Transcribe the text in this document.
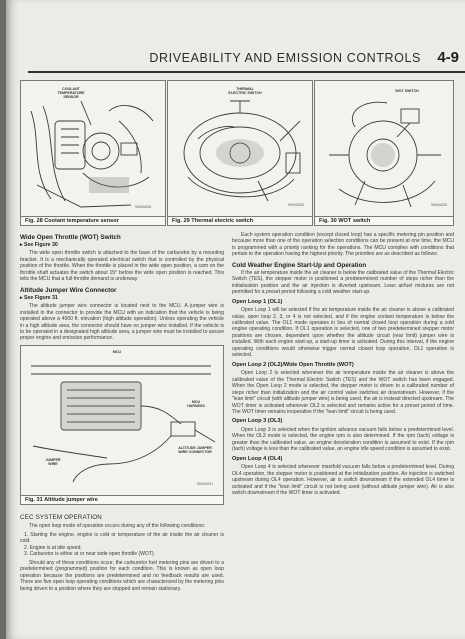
DRIVEABILITY AND EMISSION CONTROLS 4-9
COOLANT TEMPERATURE SENSOR
90944G28
Fig. 28 Coolant temperature sensor
THERMAL ELECTRIC SWITCH
90944G29
Fig. 29 Thermal electric switch
WOT SWITCH
90944G30
Fig. 30 WOT switch
Wide Open Throttle (WOT) Switch
▸ See Figure 30

The wide open throttle switch is attached to the base of the carburetor by a mounting bracket. It is a mechanically operated electrical switch that is controlled by the physical position of the throttle. When the throttle is placed in the wide open position, a cam on the throttle shaft actuates the switch about 15° before the wide open position is reached. This tells the MCU that a full-throttle demand is underway.

Altitude Jumper Wire Connector
▸ See Figure 31

The altitude jumper wire connector is located next to the MCU. A jumper wire is installed in the connector to provide the MCU with an indication that the vehicle is being operated above a 4000 ft. elevation (high altitude operation). Unless operating the vehicle in a high altitude area, the connector should have no jumper wire installed. If the vehicle is to be operated in a designated high altitude area, a jumper wire must be installed to assure proper engine and emission performance.

MCU
MCU HARNESS
ALTITUDE JUMPER WIRE CONNECTOR
JUMPER WIRE
90944G31
Fig. 31 Altitude jumper wire
CEC SYSTEM OPERATION

The open loop mode of operation occurs during any of the following conditions:

1. Starting the engine, engine is cold or temperature of the air inside the air cleaner is cold.
2. Engine is at idle speed.
3. Carburetor is either at or near wide open throttle (WOT).

Should any of these conditions occur, the carburetor fuel metering pins are driven to a predetermined (programmed) position for each condition. This is known as open loop operation because the positions are predetermined and no feedback results are used. There are five open loop operating conditions which are characterized by the metering pins being driven to a position where they are stopped and remain stationary.

Each system operation condition (except closed loop) has a specific metering pin position and because more than one of the operation selection conditions can be present at one time, the MCU is programmed with a priority ranking for the operations. The MCU complies with conditions that pertain to the operation having the highest priority. The priorities are as described as follows:

Cold Weather Engine Start-Up and Operation

If the air temperature inside the air cleaner is below the calibrated value of the Thermal Electric Switch (TES), the stepper motor is positioned a predetermined number of steps richer than the initialization position and the air injection is diverted upstream. Lean airfuel mixtures are not permitted for a preset period following a cold weather start-up.

Open Loop 1 (OL1)

Open Loop 1 will be selected if the air temperature inside the air cleaner is above a calibrated value, open loop 2, 3, or 4 is not selected, and if the engine coolant temperature is below the calibrated value. The OL1 mode operates in lieu of normal closed loop operation during a cold engine operating condition. If OL1 operation is selected, one of two predetermined stepper motor positions are chosen, dependent upon whether the altitude circuit (rear limit) jumper wire is installed. With each engine start-up, a start-up timer is activated. During this interval, if the engine operating conditions would otherwise trigger normal closed loop operation, OL1 operation is selected.

Open Loop 2 (OL2)/Wide Open Throttle (WOT)

Open Loop 2 is selected whenever the air temperature inside the air cleaner is above the calibrated value of the Thermal Electric Switch (TES) and the WOT switch has been engaged. When the Open Loop 2 mode is selected, the stepper motor is driven to a calibrated number of steps richer than initialization and the air control valve switches air downstream. However, if the "lean limit" circuit (with altitude jumper wire) is being used, the air is instead directed upstream. The WOT timer is activated whenever OL2 is selected and remains active for a preset period of time. The WOT timer remains inoperative if the "lean limit" circuit is being used.

Open Loop 3 (OL3)

Open Loop 3 is selected when the ignition advance vacuum falls below a predetermined level. When the OL3 mode is selected, the engine rpm is also determined. If the rpm (tach) voltage is greater than the calibrated value, an engine deceleration condition is assumed to exist. If the rpm (tach) voltage is less than the calibrated value, an engine idle speed condition is assumed to exist.

Open Loop 4 (OL4)

Open Loop 4 is selected whenever manifold vacuum falls below a predetermined level. During OL4 operation, the stepper motor is positioned at the initialization position. Air injection is switched upstream during OL4 operation. However, air is switch downstream if the extended OL4 timer is activated and if the "lean limit" circuit is not being used (without altitude jumper wire). Air is also switch downstream if the WOT timer is activated.
